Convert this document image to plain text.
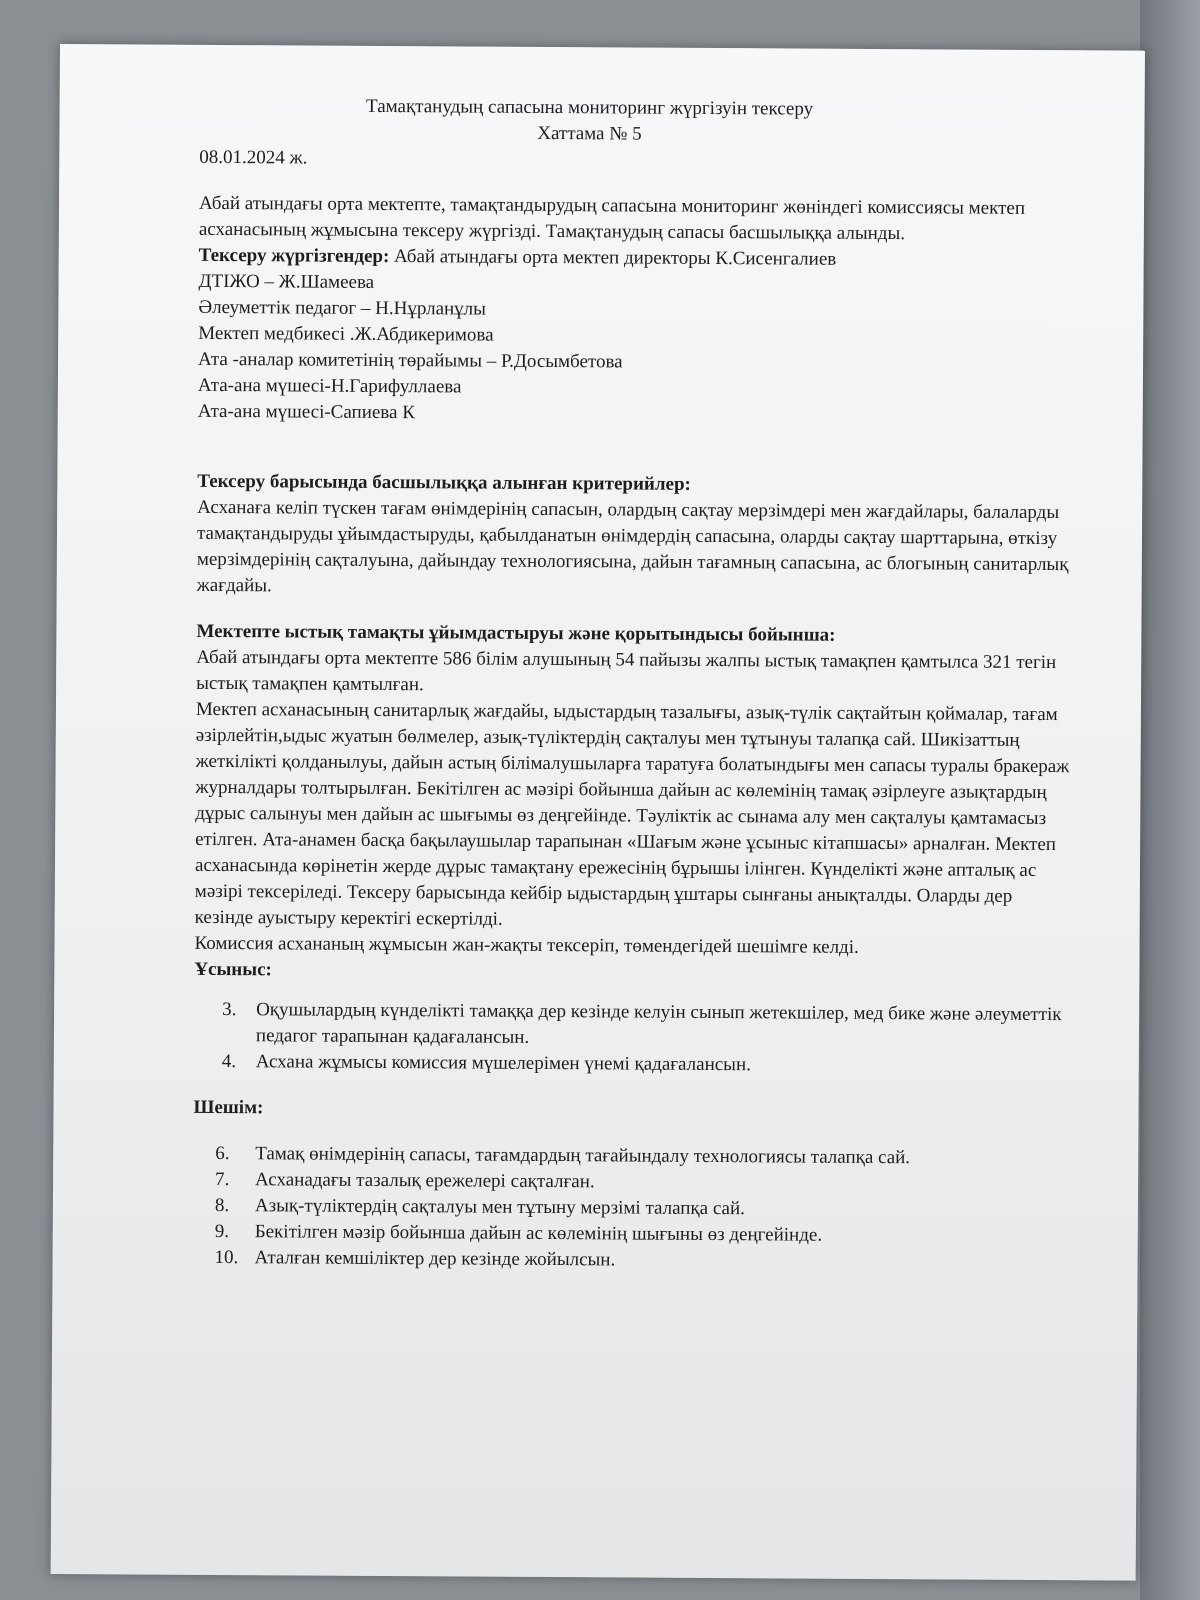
Тамақтанудың сапасына мониторинг жүргізуін тексеру
Хаттама № 5

08.01.2024 ж.

Абай атындағы орта мектепте, тамақтандырудың сапасына мониторинг жөніндегі комиссиясы мектеп асханасының жұмысына тексеру жүргізді. Тамақтанудың сапасы басшылыққа алынды.

Тексеру жүргізгендер: Абай атындағы орта мектеп директоры К.Сисенгалиев

ДТІЖО – Ж.Шамеева

Әлеуметтік педагог – Н.Нұрланұлы

Мектеп медбикесі .Ж.Абдикеримова

Ата -аналар комитетінің төрайымы – Р.Досымбетова

Ата-ана мүшесі-Н.Гарифуллаева

Ата-ана мүшесі-Сапиева К

Тексеру барысында басшылыққа алынған критерийлер:

Асханаға келіп түскен тағам өнімдерінің сапасын, олардың сақтау мерзімдері мен жағдайлары, балаларды тамақтандыруды ұйымдастыруды, қабылданатын өнімдердің сапасына, оларды сақтау шарттарына, өткізу мерзімдерінің сақталуына, дайындау технологиясына, дайын тағамның сапасына, ас блогының санитарлық жағдайы.

Мектепте ыстық тамақты ұйымдастыруы және қорытындысы бойынша:

Абай атындағы орта мектепте 586 білім алушының 54 пайызы жалпы ыстық тамақпен қамтылса 321 тегін ыстық тамақпен қамтылған.

Мектеп асханасының санитарлық жағдайы, ыдыстардың тазалығы, азық-түлік сақтайтын қоймалар, тағам әзірлейтін,ыдыс жуатын бөлмелер, азық-түліктердің сақталуы мен тұтынуы талапқа сай. Шикізаттың жеткілікті қолданылуы, дайын астың білімалушыларға таратуға болатындығы мен сапасы туралы бракераж журналдары толтырылған. Бекітілген ас мәзірі бойынша дайын ас көлемінің тамақ әзірлеуге азықтардың дұрыс салынуы мен дайын ас шығымы өз деңгейінде. Тәуліктік ас сынама алу мен сақталуы қамтамасыз етілген. Ата-анамен басқа бақылаушылар тарапынан «Шағым және ұсыныс кітапшасы» арналған. Мектеп асханасында көрінетін жерде дұрыс тамақтану ережесінің бұрышы ілінген. Күнделікті және апталық ас мәзірі тексеріледі. Тексеру барысында кейбір ыдыстардың ұштары сынғаны анықталды. Оларды дер кезінде ауыстыру керектігі ескертілді.

Комиссия асхананың жұмысын жан-жақты тексеріп, төмендегідей шешімге келді.

Ұсыныс:

3. Оқушылардың күнделікті тамаққа дер кезінде келуін сынып жетекшілер, мед бике және әлеуметтік педагог тарапынан қадағалансын.
4. Асхана жұмысы комиссия мүшелерімен үнемі қадағалансын.

Шешім:

6. Тамақ өнімдерінің сапасы, тағамдардың тағайындалу технологиясы талапқа сай.
7. Асханадағы тазалық ережелері сақталған.
8. Азық-түліктердің сақталуы мен тұтыну мерзімі талапқа сай.
9. Бекітілген мәзір бойынша дайын ас көлемінің шығыны өз деңгейінде.
10. Аталған кемшіліктер дер кезінде жойылсын.
